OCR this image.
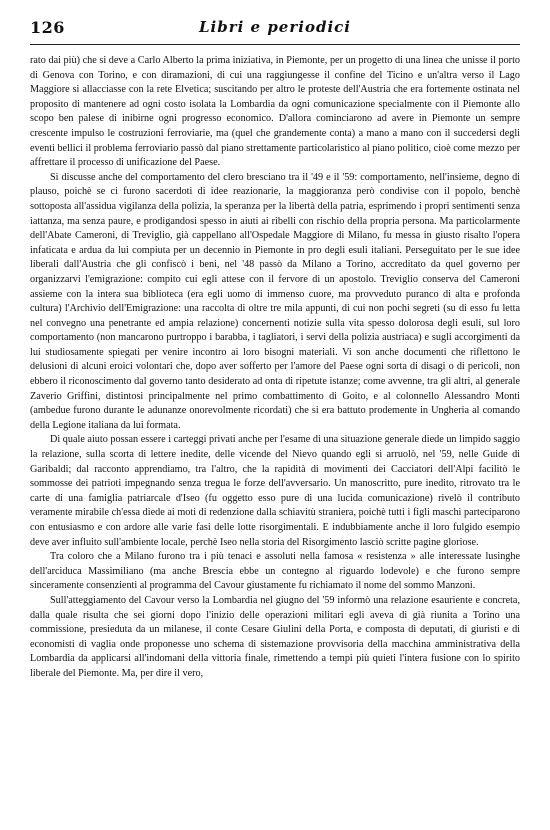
126	Libri e periodici

rato dai più) che si deve a Carlo Alberto la prima iniziativa, in Piemonte, per un progetto di una linea che unisse il porto di Genova con Torino, e con diramazioni, di cui una raggiungesse il confine del Ticino e un'altra verso il Lago Maggiore si allacciasse con la rete Elvetica; suscitando per altro le proteste dell'Austria che era fortemente ostinata nel proposito di mantenere ad ogni costo isolata la Lombardia da ogni comunicazione specialmente con il Piemonte allo scopo ben palese di inibirne ogni progresso economico. D'allora cominciarono ad avere in Piemonte un sempre crescente impulso le costruzioni ferroviarie, ma (quel che grandemente conta) a mano a mano con il succedersi degli eventi bellici il problema ferroviario passò dal piano strettamente particolaristico al piano politico, cioè come mezzo per affrettare il processo di unificazione del Paese.

Si discusse anche del comportamento del clero bresciano tra il '49 e il '59: comportamento, nell'insieme, degno di plauso, poichè se ci furono sacerdoti di idee reazionarie, la maggioranza però condivise con il popolo, benchè sottoposta all'assidua vigilanza della polizia, la speranza per la libertà della patria, esprimendo i propri sentimenti senza iattanza, ma senza paure, e prodigandosi spesso in aiuti ai ribelli con rischio della propria persona. Ma particolarmente dell'Abate Cameroni, di Treviglio, già cappellano all'Ospedale Maggiore di Milano, fu messa in giusto risalto l'opera infaticata e ardua da lui compiuta per un decennio in Piemonte in pro degli esuli italiani. Perseguitato per le sue idee liberali dall'Austria che gli confiscò i beni, nel '48 passò da Milano a Torino, accreditato da quel governo per organizzarvi l'emigrazione: compito cui egli attese con il fervore di un apostolo. Treviglio conserva del Cameroni assieme con la intera sua biblioteca (era egli uomo di immenso cuore, ma provveduto puranco di alta e profonda cultura) l'Archivio dell'Emigrazione: una raccolta di oltre tre mila appunti, di cui non pochi segreti (su di esso fu letta nel convegno una penetrante ed ampia relazione) concernenti notizie sulla vita spesso dolorosa degli esuli, sul loro comportamento (non mancarono purtroppo i barabba, i tagliatori, i servi della polizia austriaca) e sugli accorgimenti da lui studiosamente spiegati per venire incontro ai loro bisogni materiali. Vi son anche documenti che riflettono le delusioni di alcuni eroici volontari che, dopo aver sofferto per l'amore del Paese ogni sorta di disagi o di pericoli, non ebbero il riconoscimento dal governo tanto desiderato ad onta di ripetute istanze; come avvenne, tra gli altri, al generale Zaverio Griffini, distintosi principalmente nel primo combattimento di Goito, e al colonnello Alessandro Monti (ambedue furono durante le adunanze onorevolmente ricordati) che si era battuto prodemente in Ungheria al comando della Legione italiana da lui formata.

Di quale aiuto possan essere i carteggi privati anche per l'esame di una situazione generale diede un limpido saggio la relazione, sulla scorta di lettere inedite, delle vicende del Nievo quando egli si arruolò, nel '59, nelle Guide di Garibaldi; dal racconto apprendiamo, tra l'altro, che la rapidità di movimenti dei Cacciatori dell'Alpi facilitò le sommosse dei patrioti impegnando senza tregua le forze dell'avversario. Un manoscritto, pure inedito, ritrovato tra le carte di una famiglia patriarcale d'Iseo (fu oggetto esso pure di una lucida comunicazione) rivelò il contributo veramente mirabile ch'essa diede ai moti di redenzione dalla schiavitù straniera, poichè tutti i figli maschi parteciparono con entusiasmo e con ardore alle varie fasi delle lotte risorgimentali. E indubbiamente anche il loro fulgido esempio deve aver influito sull'ambiente locale, perchè Iseo nella storia del Risorgimento lasciò scritte pagine gloriose.

Tra coloro che a Milano furono tra i più tenaci e assoluti nella famosa « resistenza » alle interessate lusinghe dell'arciduca Massimiliano (ma anche Brescia ebbe un contegno al riguardo lodevole) e che furono sempre sinceramente consenzienti al programma del Cavour giustamente fu richiamato il nome del sommo Manzoni.

Sull'atteggiamento del Cavour verso la Lombardia nel giugno del '59 informò una relazione esauriente e concreta, dalla quale risulta che sei giorni dopo l'inizio delle operazioni militari egli aveva di già riunita a Torino una commissione, presieduta da un milanese, il conte Cesare Giulini della Porta, e composta di deputati, di giuristi e di economisti di vaglia onde proponesse uno schema di sistemazione provvisoria della macchina amministrativa della Lombardia da applicarsi all'indomani della vittoria finale, rimettendo a tempi più quieti l'intera fusione con lo spirito liberale del Piemonte. Ma, per dire il vero,
